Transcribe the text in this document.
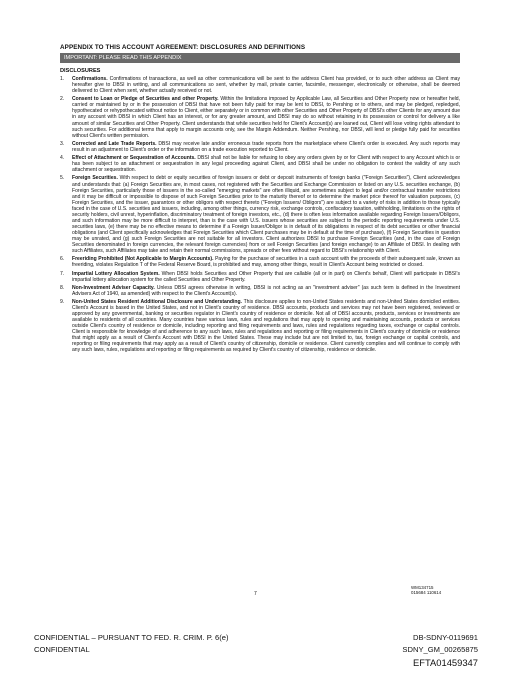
APPENDIX TO THIS ACCOUNT AGREEMENT: DISCLOSURES AND DEFINITIONS
IMPORTANT: PLEASE READ THIS APPENDIX
DISCLOSURES
1.	Confirmations. Confirmations of transactions, as well as other communications will be sent to the address Client has provided, or to such other address as Client may hereafter give to DBSI in writing, and all communications so sent, whether by mail, private carrier, facsimile, messenger, electronically or otherwise, shall be deemed delivered to Client when sent, whether actually received or not.
2.	Consent to Loan or Pledge of Securities and other Property. Within the limitations imposed by Applicable Law, all Securities and Other Property now or hereafter held, carried or maintained by or in the possession of DBSI that have not been fully paid for may be lent to DBSI, to Pershing or to others, and may be pledged, repledged, hypothecated or rehypothecated without notice to Client, either separately or in common with other Securities and Other Property of DBSI's other Clients for any amount due in any account with DBSI in which Client has an interest, or for any greater amount, and DBSI may do so without retaining in its possession or control for delivery a like amount of similar Securities and Other Property. Client understands that while securities held for Client's Account(s) are loaned out, Client will lose voting rights attendant to such securities. For additional terms that apply to margin accounts only, see the Margin Addendum. Neither Pershing, nor DBSI, will lend or pledge fully paid for securities without Client's written permission.
3.	Corrected and Late Trade Reports. DBSI may receive late and/or erroneous trade reports from the marketplace where Client's order is executed. Any such reports may result in an adjustment to Client's order or the information on a trade execution reported to Client.
4.	Effect of Attachment or Sequestration of Accounts. DBSI shall not be liable for refusing to obey any orders given by or for Client with respect to any Account which is or has been subject to an attachment or sequestration in any legal proceeding against Client, and DBSI shall be under no obligation to contest the validity of any such attachment or sequestration.
5.	Foreign Securities. With respect to debt or equity securities of foreign issuers or debt or deposit instruments of foreign banks ("Foreign Securities"), Client acknowledges and understands that: (a) Foreign Securities are, in most cases, not registered with the Securities and Exchange Commission or listed on any U.S. securities exchange, (b) Foreign Securities, particularly those of issuers in the so-called "emerging markets" are often illiquid, are sometimes subject to legal and/or contractual transfer restrictions and it may be difficult or impossible to dispose of such Foreign Securities prior to the maturity thereof or to determine the market price thereof for valuation purposes, (c) Foreign Securities, and the issuer, guarantors or other obligors with respect thereto ("Foreign Issuers/ Obligors") are subject to a variety of risks in addition to those typically faced in the case of U.S. securities and issuers, including, among other things, currency risk, exchange controls, confiscatory taxation, withholding, limitations on the rights of security holders, civil unrest, hyperinflation, discriminatory treatment of foreign investors, etc., (d) there is often less information available regarding Foreign Issuers/Obligors, and such information may be more difficult to interpret, than is the case with U.S. issuers whose securities are subject to the periodic reporting requirements under U.S. securities laws, (e) there may be no effective means to determine if a Foreign Issuer/Obligor is in default of its obligations in respect of its debt securities or other financial obligations (and Client specifically acknowledges that Foreign Securities which Client purchases may be in default at the time of purchase), (f) Foreign Securities in question may be unrated, and (g) such Foreign Securities are not suitable for all investors. Client authorizes DBSI to purchase Foreign Securities (and, in the case of Foreign Securities denominated in foreign currencies, the relevant foreign currencies) from or sell Foreign Securities (and foreign exchange) to an Affiliate of DBSI. In dealing with such Affiliates, such Affiliates may take and retain their normal commissions, spreads or other fees without regard to DBSI's relationship with Client.
6.	Freeriding Prohibited (Not Applicable to Margin Accounts). Paying for the purchase of securities in a cash account with the proceeds of their subsequent sale, known as freeriding, violates Regulation T of the Federal Reserve Board, is prohibited and may, among other things, result in Client's Account being restricted or closed.
7.	Impartial Lottery Allocation System. When DBSI holds Securities and Other Property that are callable (all or in part) on Client's behalf, Client will participate in DBSI's impartial lottery allocation system for the called Securities and Other Property.
8.	Non-Investment Adviser Capacity. Unless DBSI agrees otherwise in writing, DBSI is not acting as an "investment adviser" (as such term is defined in the Investment Advisers Act of 1940, as amended) with respect to the Client's Account(s).
9.	Non-United States Resident Additional Disclosure and Understanding. This disclosure applies to non-United States residents and non-United States domiciled entities. Client's Account is based in the United States, and not in Client's country of residence. DBSI accounts, products and services may not have been registered, reviewed or approved by any governmental, banking or securities regulator in Client's country of residence or domicile. Not all of DBSI accounts, products, services or investments are available to residents of all countries. Many countries have various laws, rules and regulations that may apply to opening and maintaining accounts, products or services outside Client's country of residence or domicile, including reporting and filing requirements and laws, rules and regulations regarding taxes, exchange or capital controls. Client is responsible for knowledge of and adherence to any such laws, rules and regulations and reporting or filing requirements in Client's country of domicile or residence that might apply as a result of Client's Account with DBSI in the United States. These may include but are not limited to, tax, foreign exchange or capital controls, and reporting or filing requirements that may apply as a result of Client's country of citizenship, domicile or residence. Client currently complies and will continue to comply with any such laws, rules, regulations and reporting or filing requirements as required by Client's country of citizenship, residence or domicile.
7
WM134715
015684 110614
CONFIDENTIAL – PURSUANT TO FED. R. CRIM. P. 6(e)
CONFIDENTIAL
DB-SDNY-0119691
SDNY_GM_00265875
EFTA01459347
